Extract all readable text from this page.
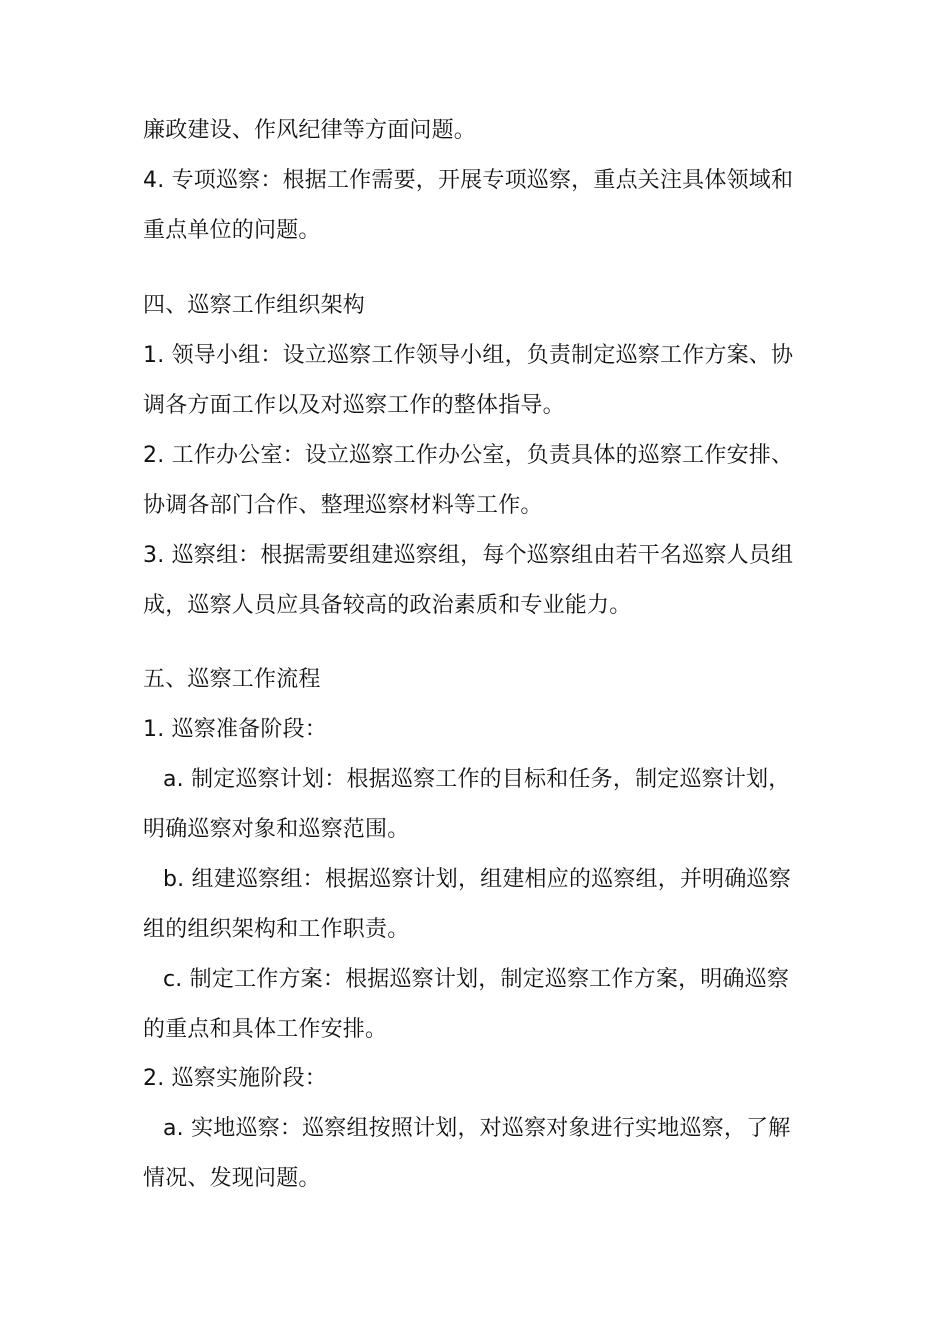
廉政建设、作风纪律等方面问题。
4. 专项巡察：根据工作需要，开展专项巡察，重点关注具体领域和
重点单位的问题。
四、巡察工作组织架构
1. 领导小组：设立巡察工作领导小组，负责制定巡察工作方案、协
调各方面工作以及对巡察工作的整体指导。
2. 工作办公室：设立巡察工作办公室，负责具体的巡察工作安排、
协调各部门合作、整理巡察材料等工作。
3. 巡察组：根据需要组建巡察组，每个巡察组由若干名巡察人员组
成，巡察人员应具备较高的政治素质和专业能力。
五、巡察工作流程
1. 巡察准备阶段：
a. 制定巡察计划：根据巡察工作的目标和任务，制定巡察计划，
明确巡察对象和巡察范围。
b. 组建巡察组：根据巡察计划，组建相应的巡察组，并明确巡察
组的组织架构和工作职责。
c. 制定工作方案：根据巡察计划，制定巡察工作方案，明确巡察
的重点和具体工作安排。
2. 巡察实施阶段：
a. 实地巡察：巡察组按照计划，对巡察对象进行实地巡察，了解
情况、发现问题。
